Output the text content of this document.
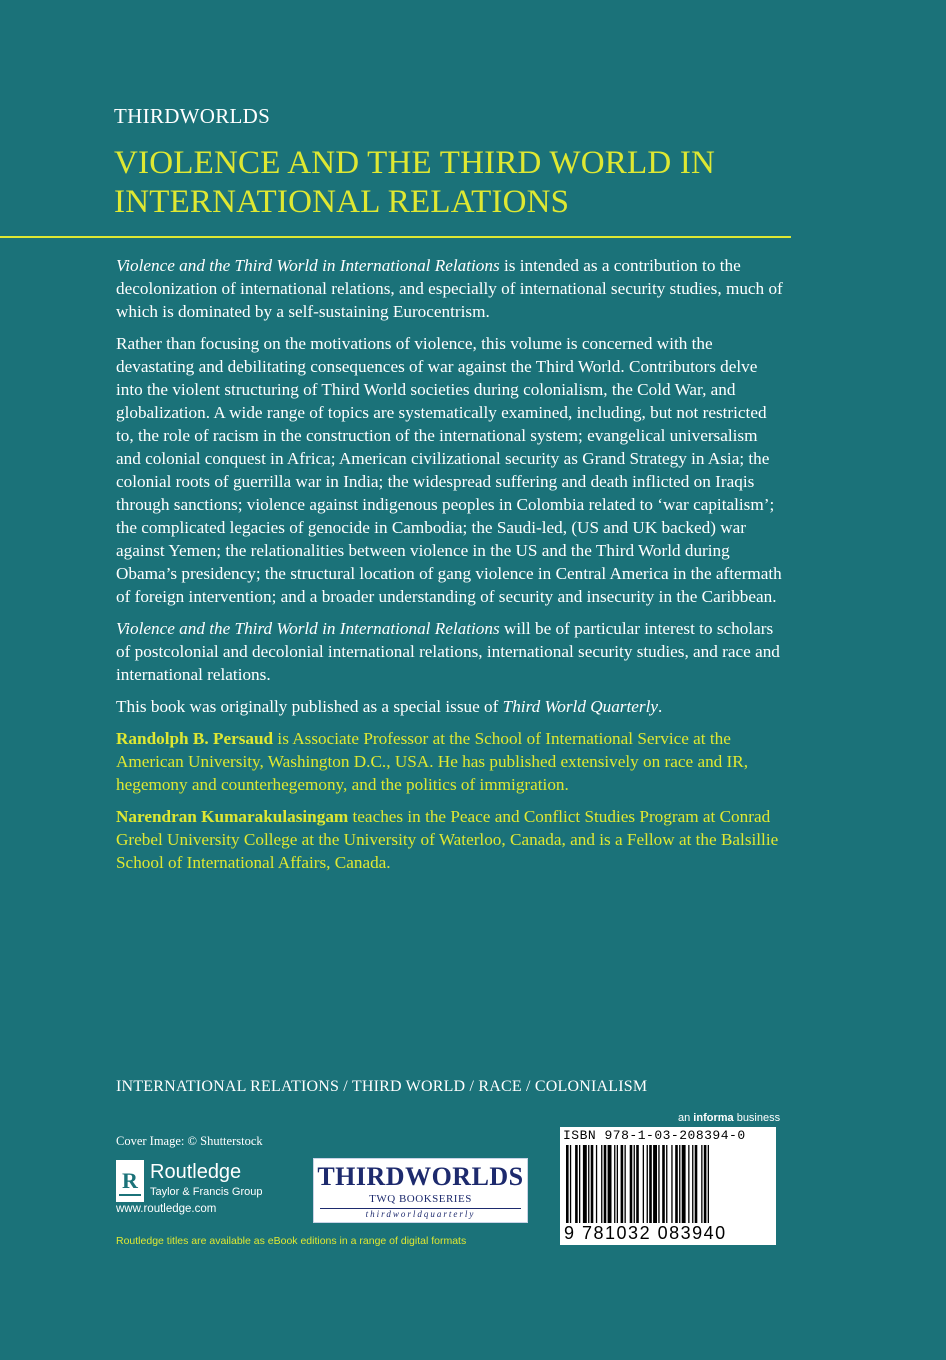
THIRDWORLDS
VIOLENCE AND THE THIRD WORLD IN INTERNATIONAL RELATIONS

Violence and the Third World in International Relations is intended as a contribution to the decolonization of international relations, and especially of international security studies, much of which is dominated by a self-sustaining Eurocentrism.

Rather than focusing on the motivations of violence, this volume is concerned with the devastating and debilitating consequences of war against the Third World. Contributors delve into the violent structuring of Third World societies during colonialism, the Cold War, and globalization. A wide range of topics are systematically examined, including, but not restricted to, the role of racism in the construction of the international system; evangelical universalism and colonial conquest in Africa; American civilizational security as Grand Strategy in Asia; the colonial roots of guerrilla war in India; the widespread suffering and death inflicted on Iraqis through sanctions; violence against indigenous peoples in Colombia related to ‘war capitalism’; the complicated legacies of genocide in Cambodia; the Saudi-led, (US and UK backed) war against Yemen; the relationalities between violence in the US and the Third World during Obama’s presidency; the structural location of gang violence in Central America in the aftermath of foreign intervention; and a broader understanding of security and insecurity in the Caribbean.

Violence and the Third World in International Relations will be of particular interest to scholars of postcolonial and decolonial international relations, international security studies, and race and international relations.

This book was originally published as a special issue of Third World Quarterly.

Randolph B. Persaud is Associate Professor at the School of International Service at the American University, Washington D.C., USA. He has published extensively on race and IR, hegemony and counterhegemony, and the politics of immigration.

Narendran Kumarakulasingam teaches in the Peace and Conflict Studies Program at Conrad Grebel University College at the University of Waterloo, Canada, and is a Fellow at the Balsillie School of International Affairs, Canada.

INTERNATIONAL RELATIONS / THIRD WORLD / RACE / COLONIALISM
Cover Image: © Shutterstock
R Routledge
Taylor & Francis Group
www.routledge.com
Routledge titles are available as eBook editions in a range of digital formats
THIRDWORLDS
TWQ BOOKSERIES
thirdworldquarterly
an informa business
ISBN 978-1-03-208394-0
9 781032 083940
